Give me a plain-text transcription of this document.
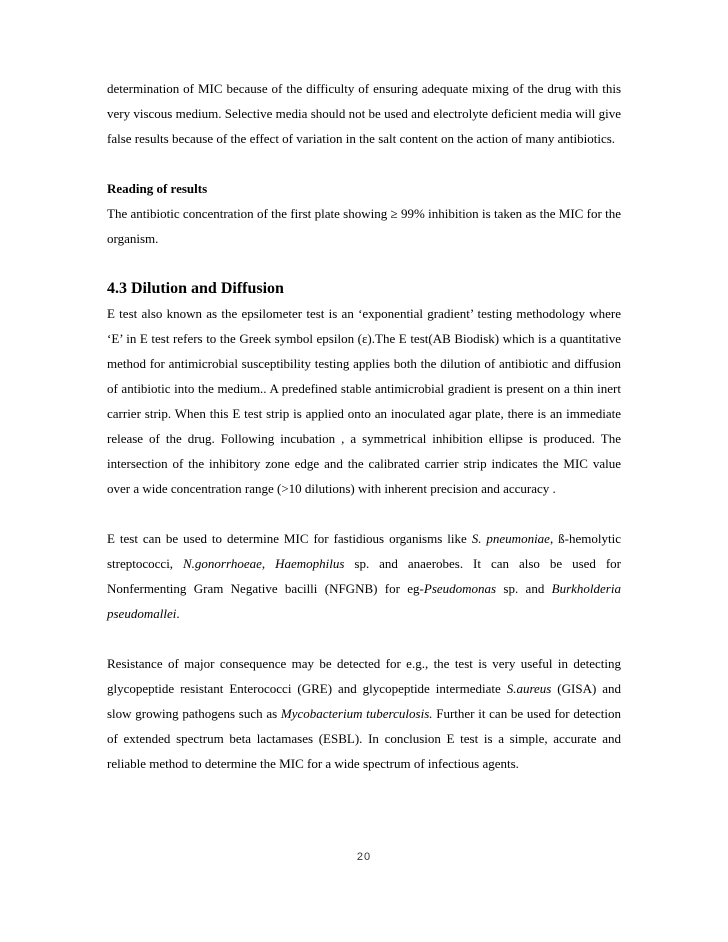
determination of MIC because of the difficulty of ensuring adequate mixing of the drug with this very viscous medium. Selective media should not be used and electrolyte deficient media will give false results because of the effect of variation in the salt content on the action of many antibiotics.

Reading of results

The antibiotic concentration of the first plate showing ≥ 99% inhibition is taken as the MIC for the organism.

4.3 Dilution and Diffusion

E test also known as the epsilometer test is an ‘exponential gradient’ testing methodology where ‘E’ in E test refers to the Greek symbol epsilon (ε).The E test(AB Biodisk) which is a quantitative method for antimicrobial susceptibility testing applies both the dilution of antibiotic and diffusion of antibiotic into the medium.. A predefined stable antimicrobial gradient is present on a thin inert carrier strip. When this E test strip is applied onto an inoculated agar plate, there is an immediate release of the drug. Following incubation , a symmetrical inhibition ellipse is produced. The intersection of the inhibitory zone edge and the calibrated carrier strip indicates the MIC value over a wide concentration range (>10 dilutions) with inherent precision and accuracy .

E test can be used to determine MIC for fastidious organisms like S. pneumoniae, ß-hemolytic streptococci, N.gonorrhoeae, Haemophilus sp. and anaerobes. It can also be used for Nonfermenting Gram Negative bacilli (NFGNB) for eg-Pseudomonas sp. and Burkholderia pseudomallei.

Resistance of major consequence may be detected for e.g., the test is very useful in detecting glycopeptide resistant Enterococci (GRE) and glycopeptide intermediate S.aureus (GISA) and slow growing pathogens such as Mycobacterium tuberculosis. Further it can be used for detection of extended spectrum beta lactamases (ESBL). In conclusion E test is a simple, accurate and reliable method to determine the MIC for a wide spectrum of infectious agents.

20
